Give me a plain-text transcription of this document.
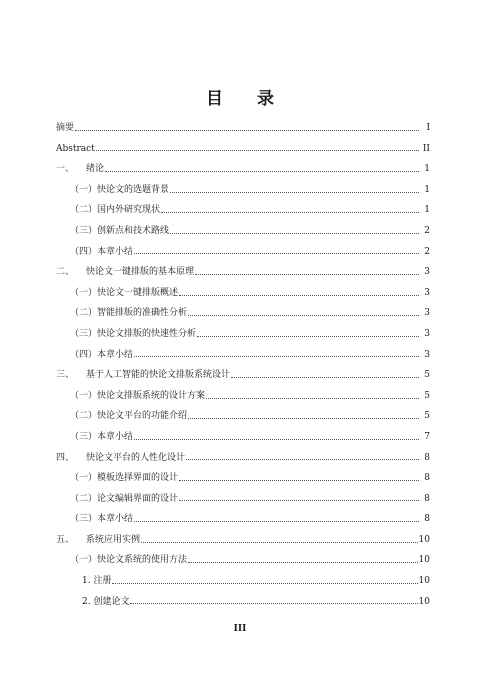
目 录
摘要	I
Abstract	II
一、 绪论	1
（一）快论文的选题背景	1
（二）国内外研究现状	1
（三）创新点和技术路线	2
（四）本章小结	2
二、 快论文一键排版的基本原理	3
（一）快论文一键排版概述	3
（二）智能排版的准确性分析	3
（三）快论文排版的快速性分析	3
（四）本章小结	3
三、 基于人工智能的快论文排版系统设计	5
（一）快论文排版系统的设计方案	5
（二）快论文平台的功能介绍	5
（三）本章小结	7
四、 快论文平台的人性化设计	8
（一）模板选择界面的设计	8
（二）论文编辑界面的设计	8
（三）本章小结	8
五、 系统应用实例	10
（一）快论文系统的使用方法	10
1. 注册	10
2. 创建论文	10
III
